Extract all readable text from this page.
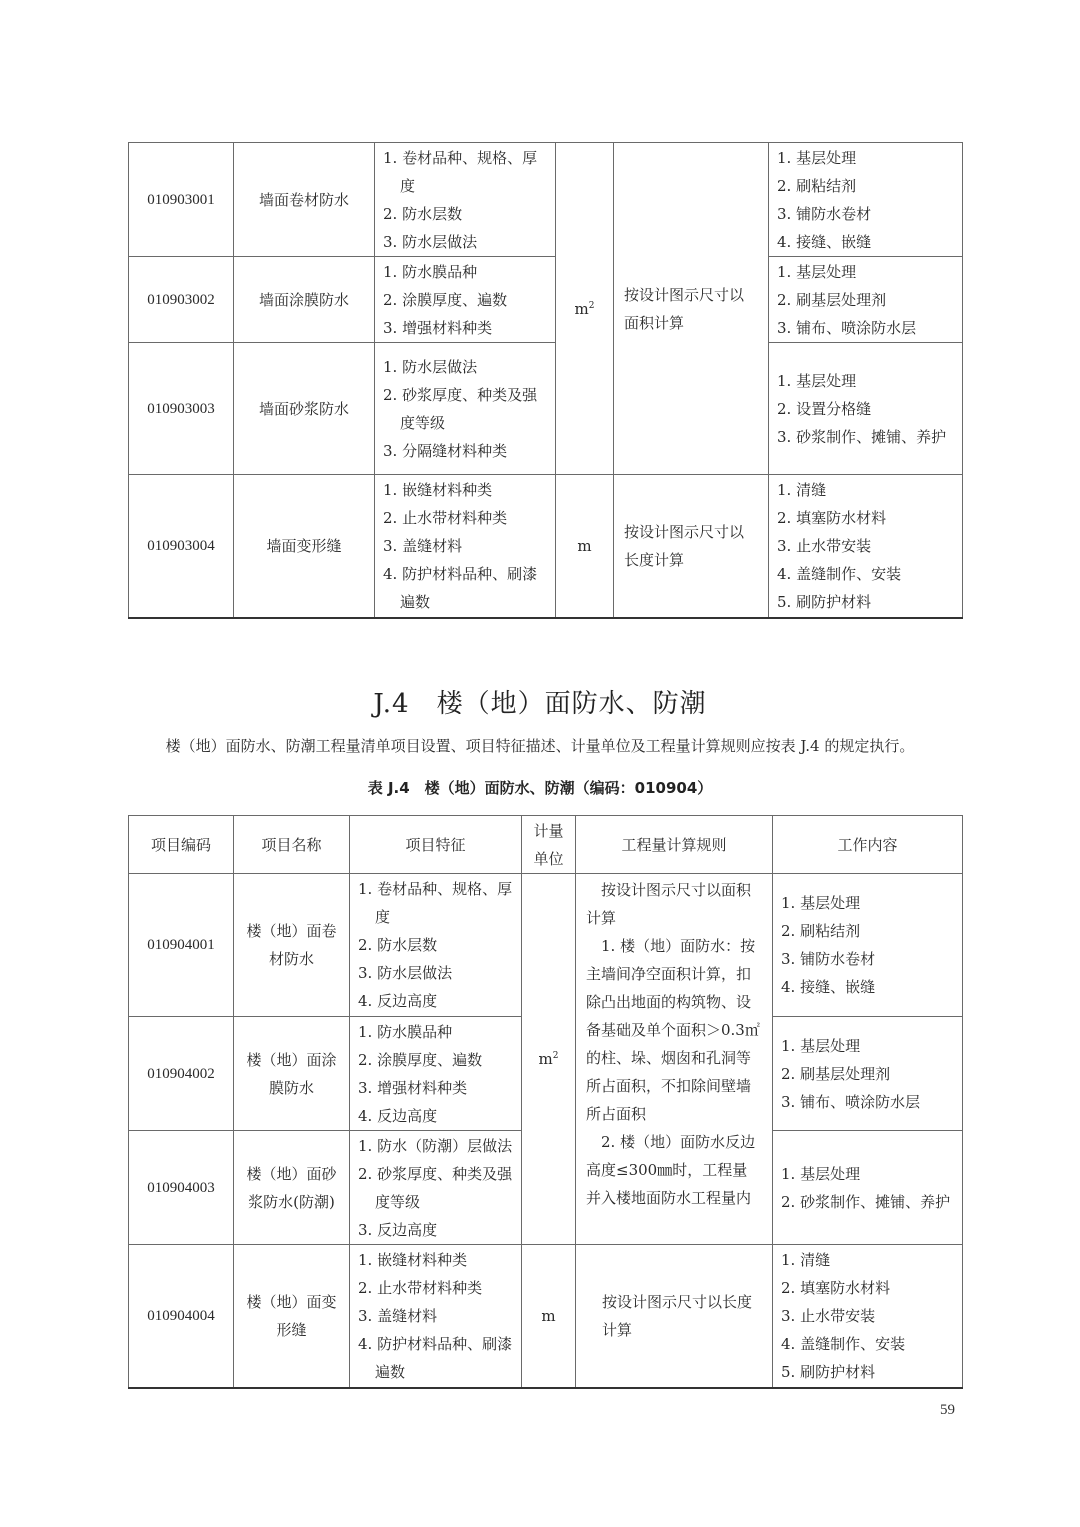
010903001	墙面卷材防水	1. 卷材品种、规格、厚度
2. 防水层数
3. 防水层做法	$m^2$	按设计图示尺寸以面积计算	1. 基层处理
2. 刷粘结剂
3. 铺防水卷材
4. 接缝、嵌缝

010903002	墙面涂膜防水	1. 防水膜品种
2. 涂膜厚度、遍数
3. 增强材料种类			1. 基层处理
2. 刷基层处理剂
3. 铺布、喷涂防水层

010903003	墙面砂浆防水	1. 防水层做法
2. 砂浆厚度、种类及强度等级
3. 分隔缝材料种类			1. 基层处理
2. 设置分格缝
3. 砂浆制作、摊铺、养护

010903004	墙面变形缝	1. 嵌缝材料种类
2. 止水带材料种类
3. 盖缝材料
4. 防护材料品种、刷漆遍数	m	按设计图示尺寸以长度计算	1. 清缝
2. 填塞防水材料
3. 止水带安装
4. 盖缝制作、安装
5. 刷防护材料
J.4　楼（地）面防水、防潮
楼（地）面防水、防潮工程量清单项目设置、项目特征描述、计量单位及工程量计算规则应按表 J.4 的规定执行。
表 J.4　楼（地）面防水、防潮（编码：010904）
项目编码	项目名称	项目特征	计量单位	工程量计算规则	工作内容
010904001	楼（地）面卷材防水	1. 卷材品种、规格、厚度
2. 防水层数
3. 防水层做法
4. 反边高度	$m^2$	按设计图示尺寸以面积计算
1. 楼（地）面防水：按主墙间净空面积计算，扣除凸出地面的构筑物、设备基础及单个面积＞0.3㎡的柱、垛、烟囱和孔洞等所占面积，不扣除间壁墙所占面积
2. 楼（地）面防水反边高度≤300㎜时，工程量并入楼地面防水工程量内	1. 基层处理
2. 刷粘结剂
3. 铺防水卷材
4. 接缝、嵌缝

010904002	楼（地）面涂膜防水	1. 防水膜品种
2. 涂膜厚度、遍数
3. 增强材料种类
4. 反边高度			1. 基层处理
2. 刷基层处理剂
3. 铺布、喷涂防水层

010904003	楼（地）面砂浆防水(防潮)	1. 防水（防潮）层做法
2. 砂浆厚度、种类及强度等级
3. 反边高度			1. 基层处理
2. 砂浆制作、摊铺、养护

010904004	楼（地）面变形缝	1. 嵌缝材料种类
2. 止水带材料种类
3. 盖缝材料
4. 防护材料品种、刷漆遍数	m	按设计图示尺寸以长度计算	1. 清缝
2. 填塞防水材料
3. 止水带安装
4. 盖缝制作、安装
5. 刷防护材料
59
